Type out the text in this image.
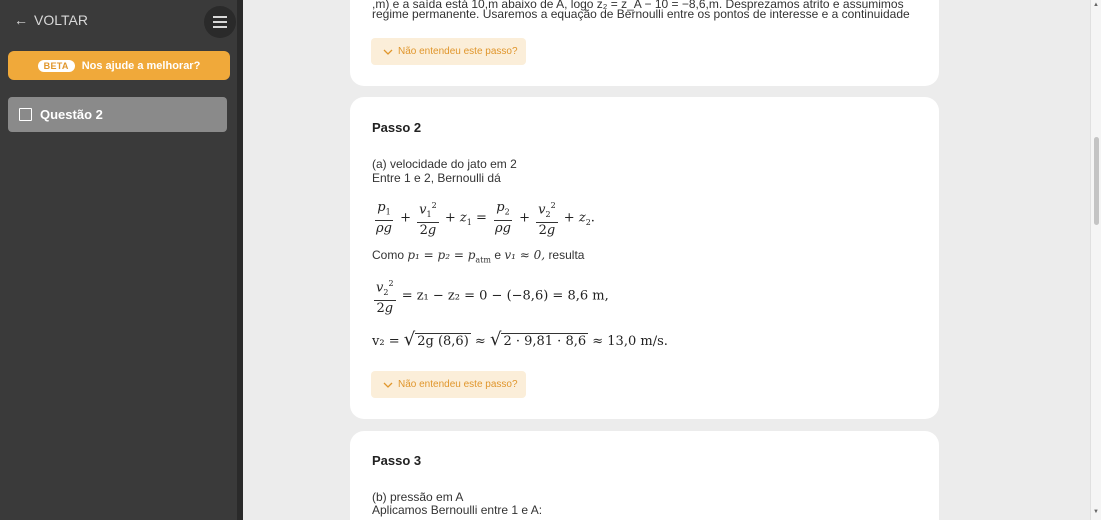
← VOLTAR
BETA	Nos ajude a melhorar?
Questão 2
,m) e a saída está 10,m abaixo de A, logo z₂ = z_A − 10 = −8,6,m. Desprezamos atrito e assumimos
regime permanente. Usaremos a equação de Bernoulli entre os pontos de interesse e a continuidade
Não entendeu este passo?
Passo 2
(a) velocidade do jato em 2
Entre 1 e 2, Bernoulli dá
$\frac{p_1}{\rho g} + \frac{v_1^2}{2g} + z_1 = \frac{p_2}{\rho g} + \frac{v_2^2}{2g} + z_2$.
Como $p_1 = p_2 = p_{atm}$ e v₁ ≈ 0, resulta
$\frac{v_2^2}{2g} = z_1 - z_2 = 0 - (-8,6) = 8,6$ m,
v₂ = √ 2g (8,6) ≈ √ 2 · 9,81 · 8,6 ≈ 13,0 m/s.
Não entendeu este passo?
Passo 3
(b) pressão em A
Aplicamos Bernoulli entre 1 e A:
▲
▼
